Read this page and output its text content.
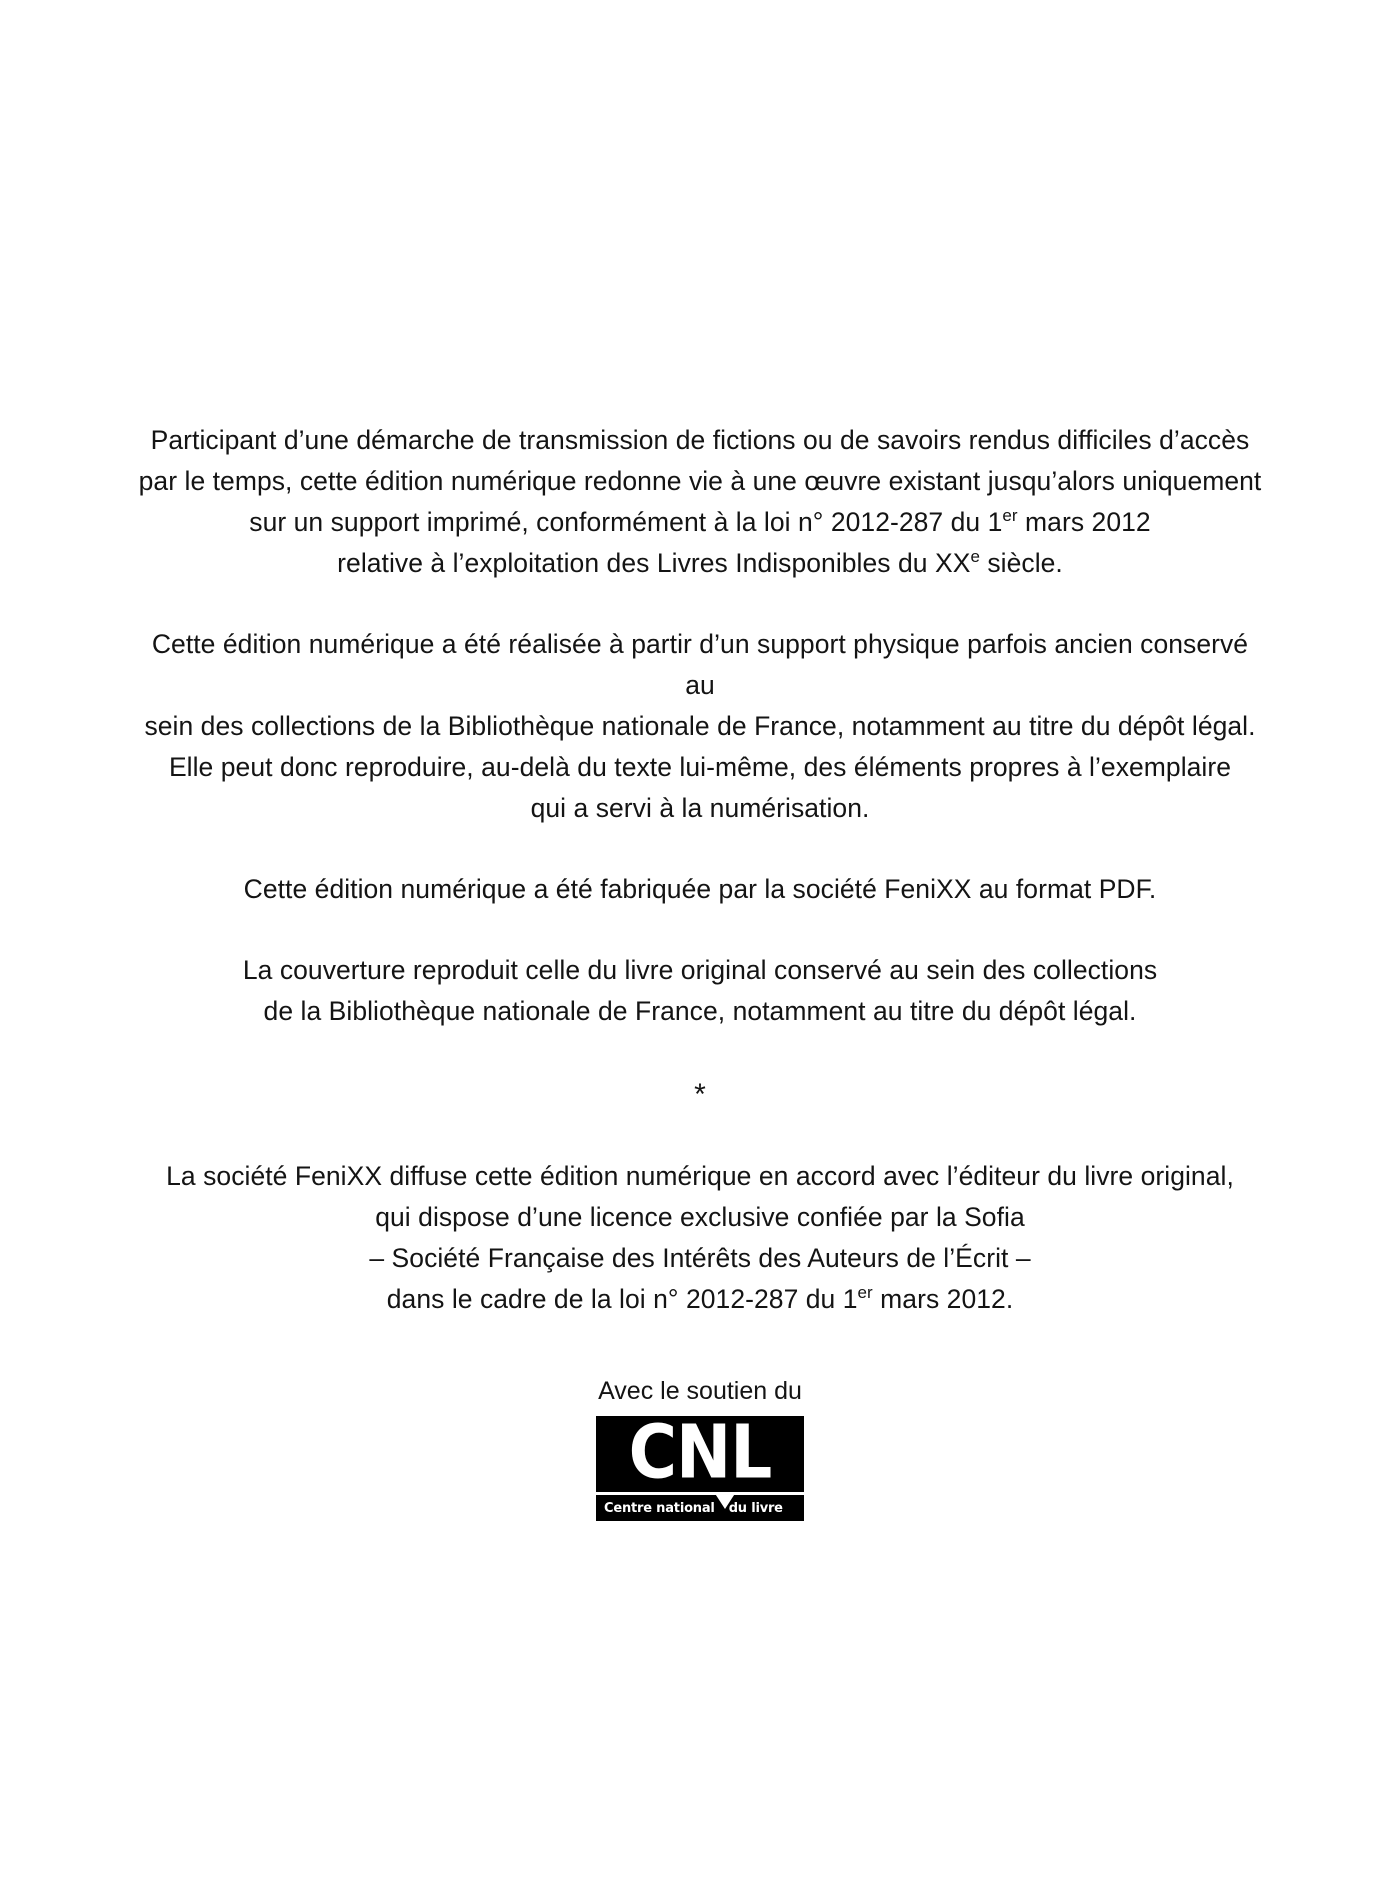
Participant d’une démarche de transmission de fictions ou de savoirs rendus difficiles d’accès
par le temps, cette édition numérique redonne vie à une œuvre existant jusqu’alors uniquement
sur un support imprimé, conformément à la loi n° 2012-287 du 1er mars 2012
relative à l’exploitation des Livres Indisponibles du XXe siècle.
Cette édition numérique a été réalisée à partir d’un support physique parfois ancien conservé au
sein des collections de la Bibliothèque nationale de France, notamment au titre du dépôt légal.
Elle peut donc reproduire, au-delà du texte lui-même, des éléments propres à l’exemplaire
qui a servi à la numérisation.
Cette édition numérique a été fabriquée par la société FeniXX au format PDF.
La couverture reproduit celle du livre original conservé au sein des collections
de la Bibliothèque nationale de France, notamment au titre du dépôt légal.
*
La société FeniXX diffuse cette édition numérique en accord avec l’éditeur du livre original,
qui dispose d’une licence exclusive confiée par la Sofia
– Société Française des Intérêts des Auteurs de l’Écrit –
dans le cadre de la loi n° 2012-287 du 1er mars 2012.
Avec le soutien du
CNL
Centre national	du livre
